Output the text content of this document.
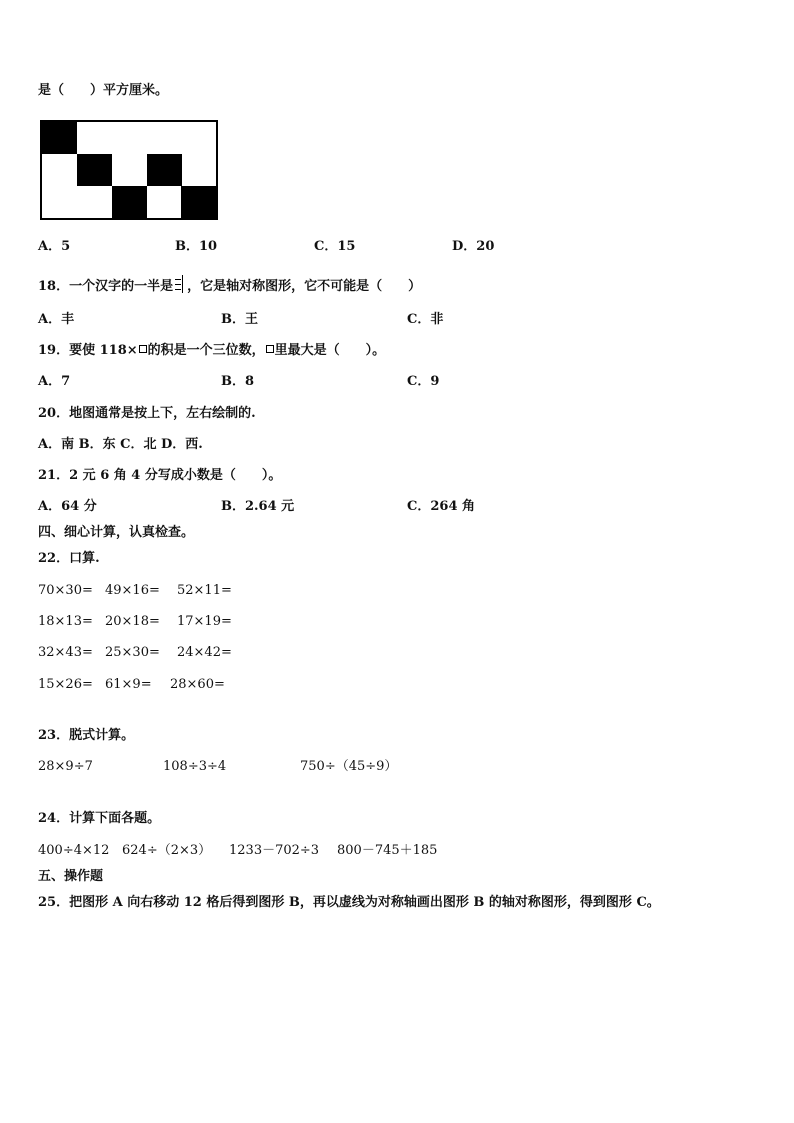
是（　　）平方厘米。
A．5	B．10	C．15	D．20
18．一个汉字的一半是 ，它是轴对称图形，它不可能是（　　）
A．丰	B．王	C．非
19．要使 118× 的积是一个三位数， 里最大是（　　）。
A．7	B．8	C．9
20．地图通常是按上下，左右绘制的.
A．南 B．东 C．北 D．西.
21．2 元 6 角 4 分写成小数是（　　）。
A．64 分	B．2.64 元	C．264 角
四、细心计算，认真检查。
22．口算.
70×30= 49×16= 52×11=
18×13= 20×18= 17×19=
32×43= 25×30= 24×42=
15×26= 61×9= 28×60=
23．脱式计算。
28×9÷7	108÷3÷4	750÷（45÷9）
24．计算下面各题。
400÷4×12 624÷（2×3） 1233－702÷3 800－745＋185
五、操作题
25．把图形 A 向右移动 12 格后得到图形 B，再以虚线为对称轴画出图形 B 的轴对称图形，得到图形 C。
